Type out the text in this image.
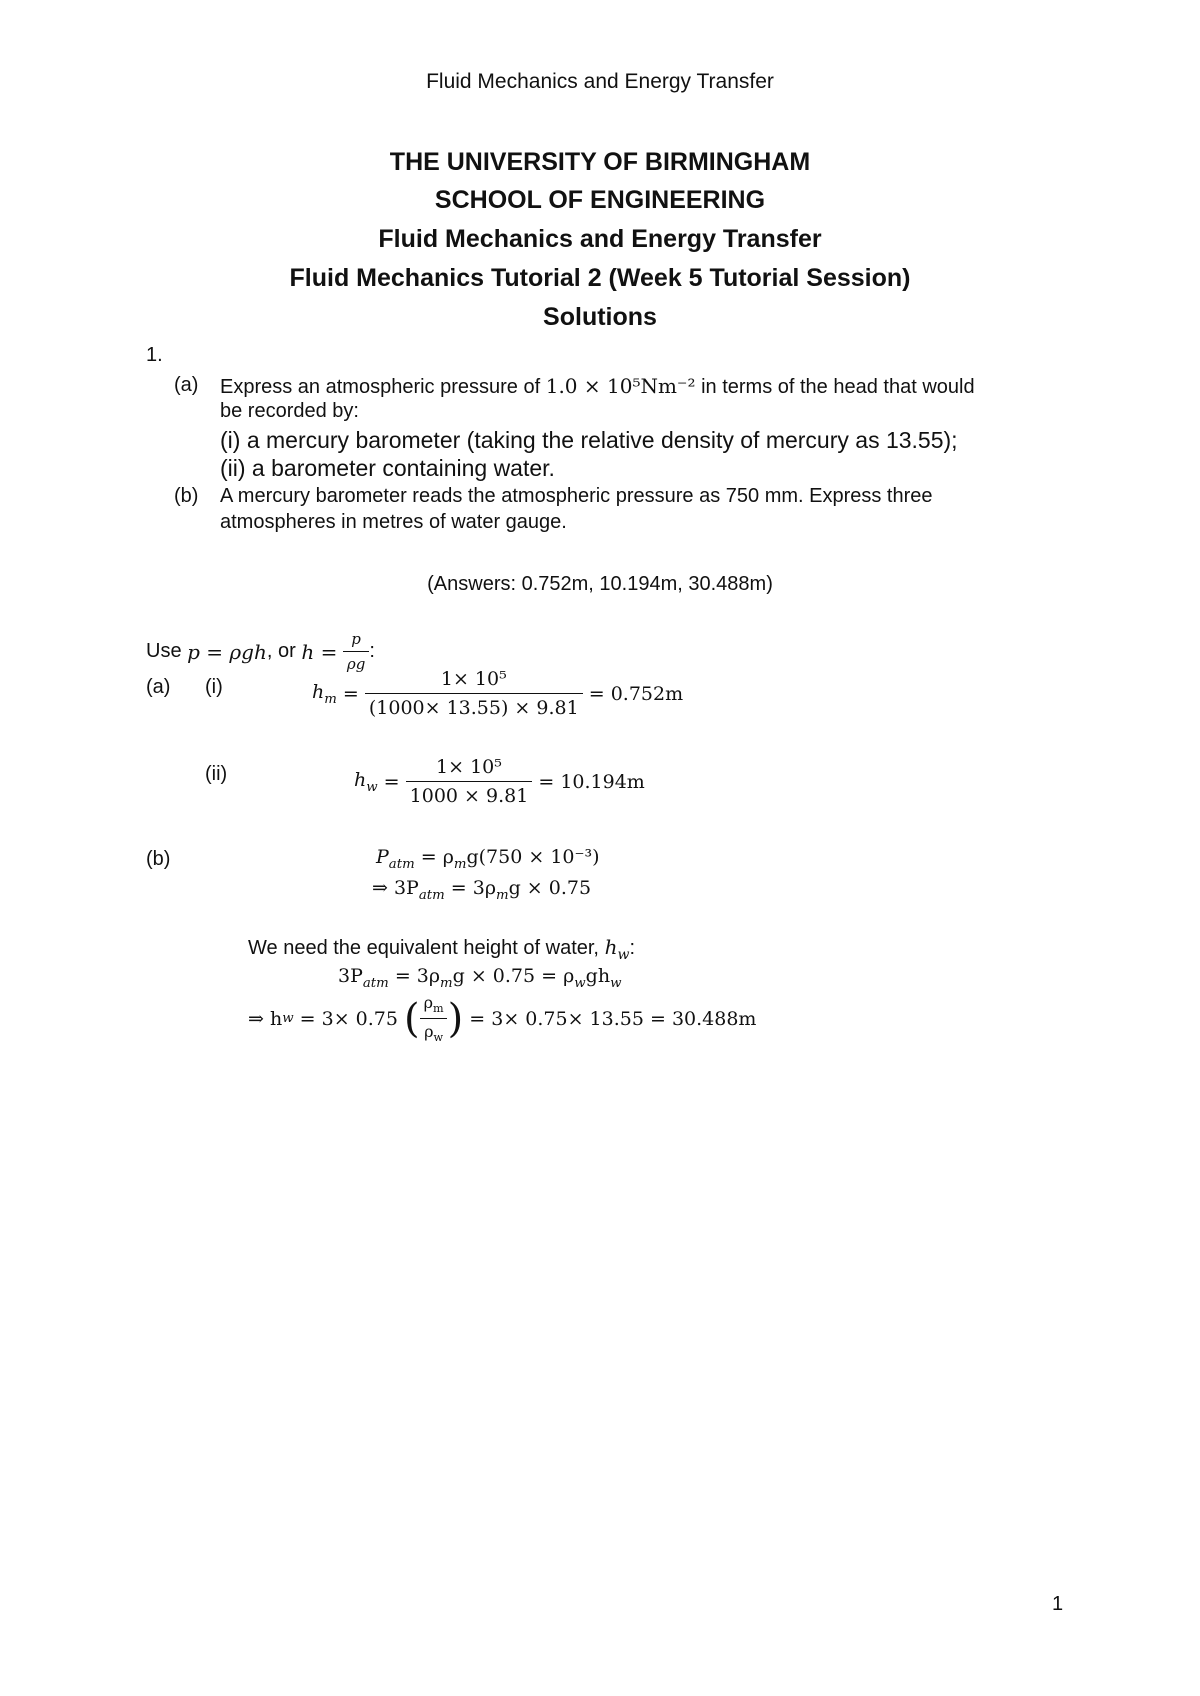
Fluid Mechanics and Energy Transfer
THE UNIVERSITY OF BIRMINGHAM
SCHOOL OF ENGINEERING
Fluid Mechanics and Energy Transfer
Fluid Mechanics Tutorial 2 (Week 5 Tutorial Session)
Solutions
1.
(a) Express an atmospheric pressure of 1.0 × 10⁵Nm⁻² in terms of the head that would
be recorded by:
(i) a mercury barometer (taking the relative density of mercury as 13.55);
(ii) a barometer containing water.
(b) A mercury barometer reads the atmospheric pressure as 750 mm. Express three
atmospheres in metres of water gauge.
(Answers: 0.752m, 10.194m, 30.488m)
Use
p = ρgh , or
h =
$\frac{p}{\rho g}$ :
(a) (i)	$h_m = \frac{\text{1× 10⁵}}{(1000\times 13.55) \times 9.81}$
= 0.752m
(ii)	$h_w = \frac{\text{1× 10⁵}}{1000 \times 9.81}$
= 10.194m
(b)	$P_{atm} = \rho_mg(750 \times 10^{-3})$
⇒ $3P_{atm} = 3\rho_mg \times 0.75$
We need the equivalent height of water, $h_w$:
$3P_{atm} = 3\rho_mg \times 0.75 = \rho_wgh_w$
⇒ h w
= 3× 0.75
( $\frac{\rho_m}{\rho_w}$ )
= 3× 0.75× 13.55 = 30.488m
1
